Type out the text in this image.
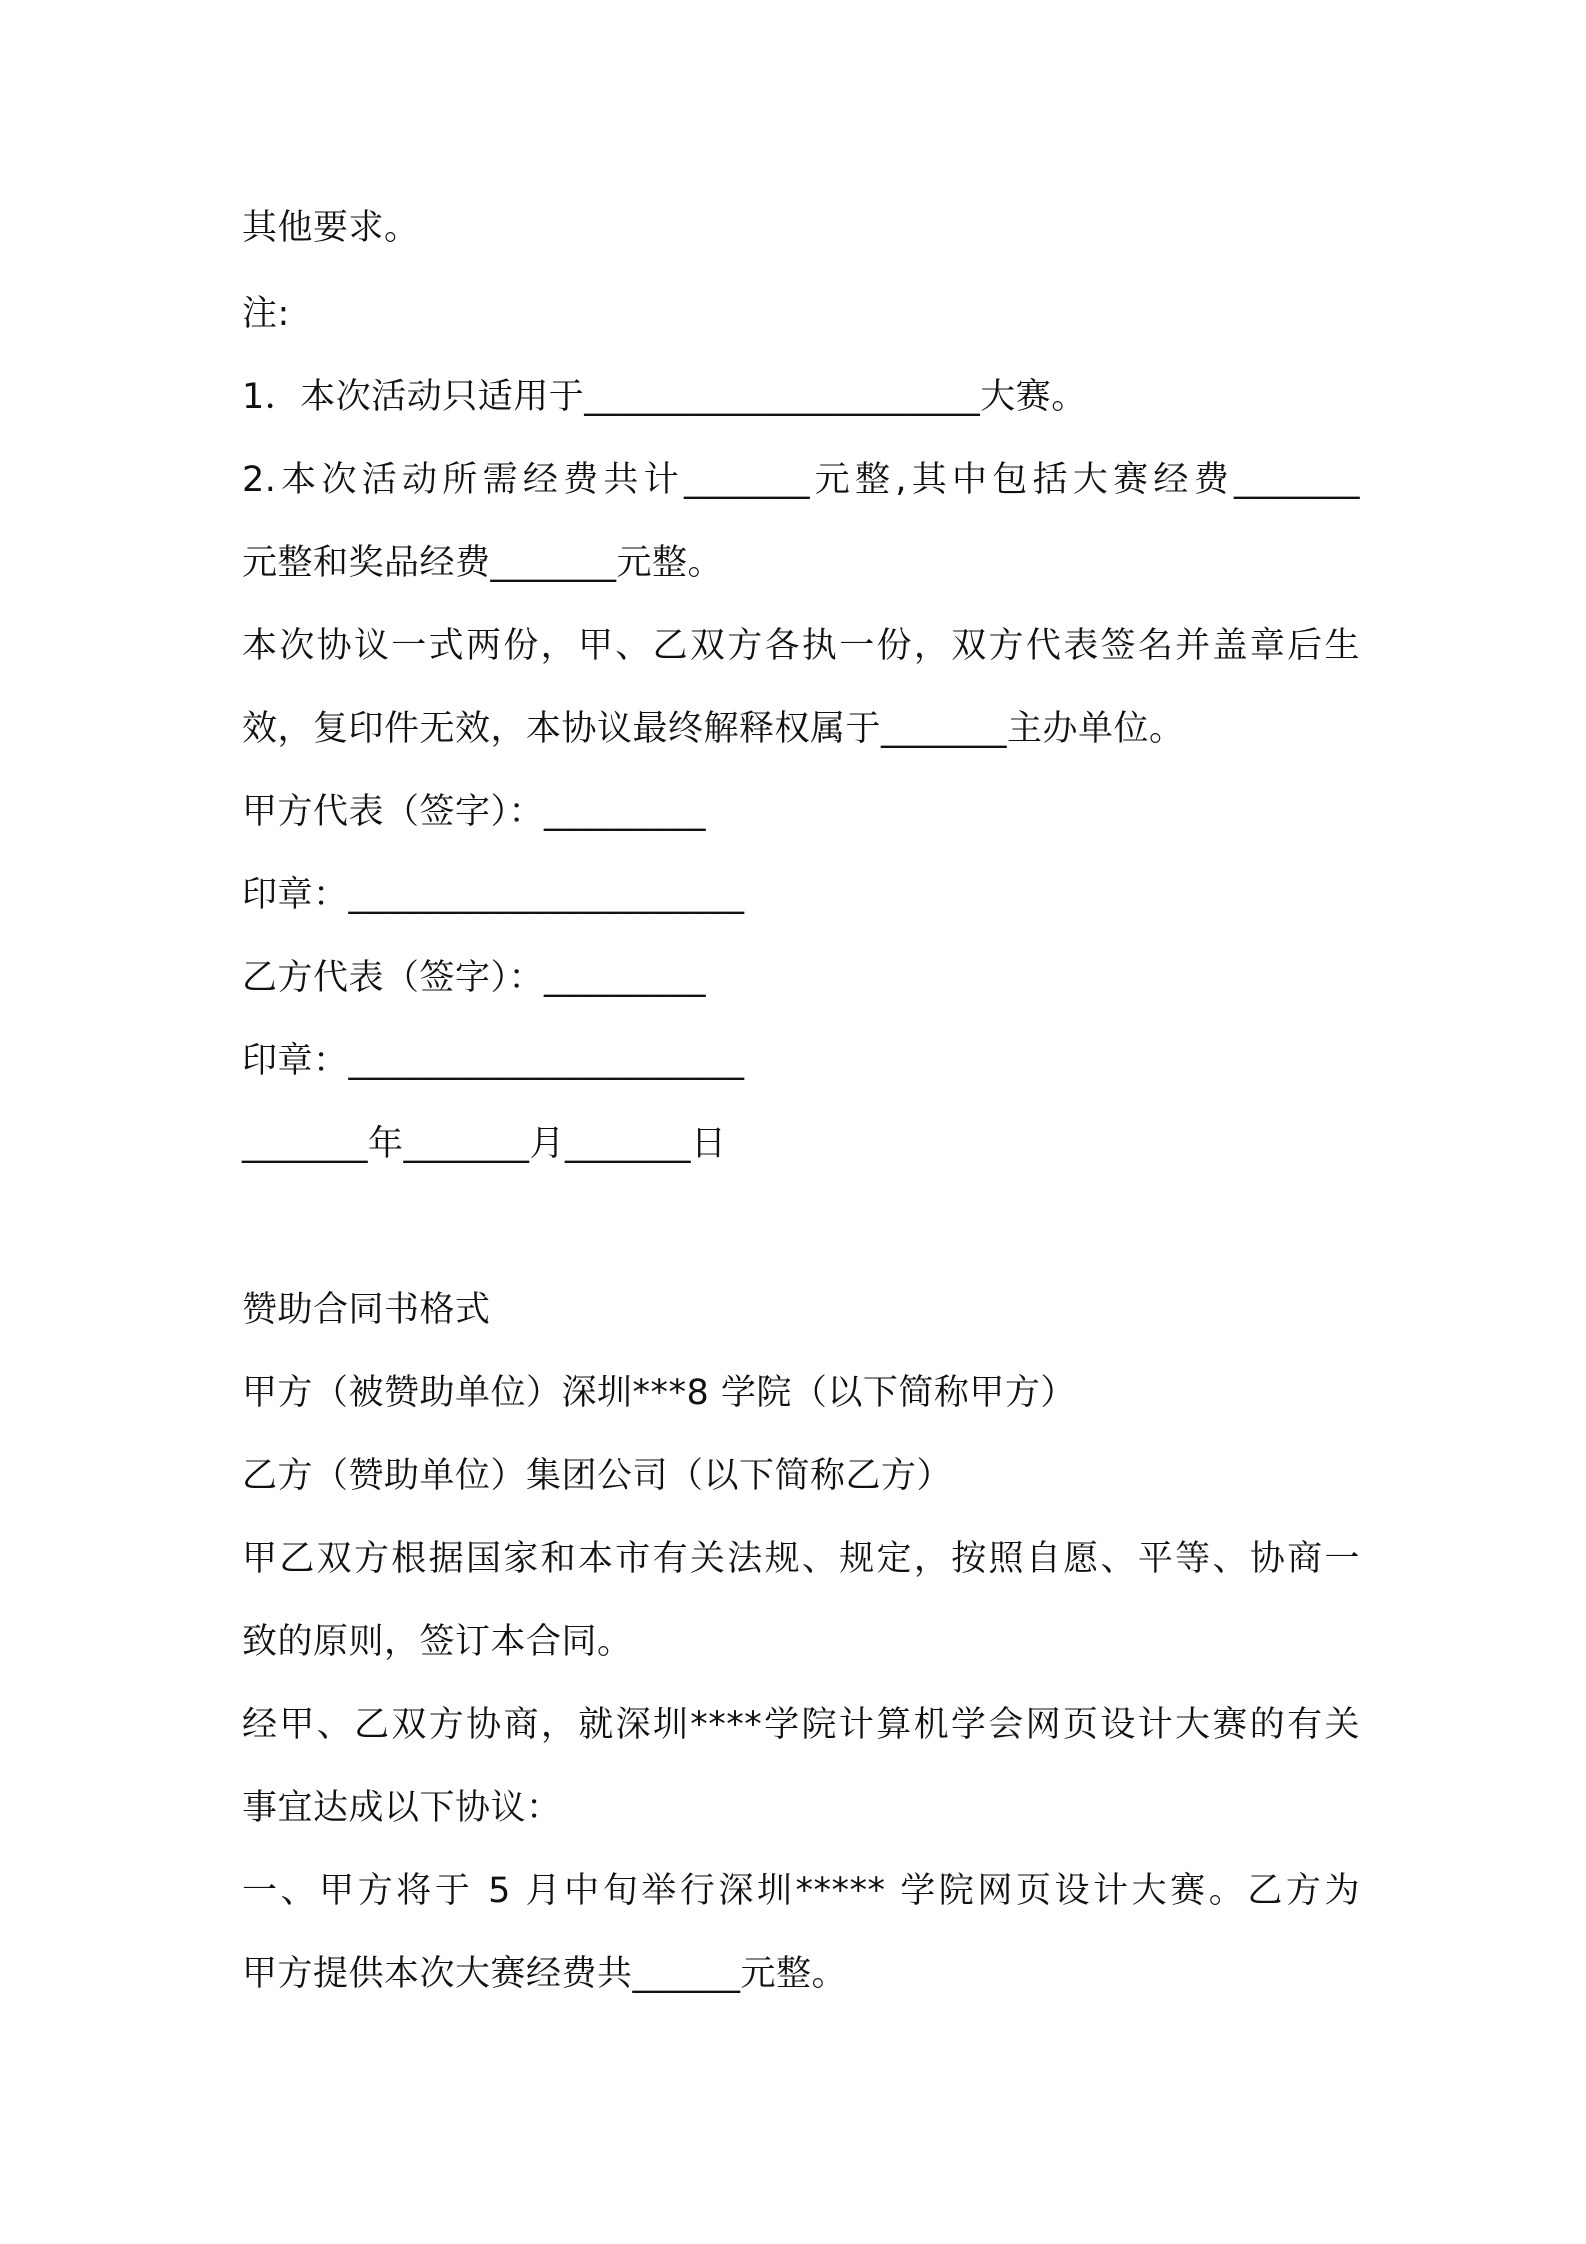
其他要求。
注:
1．本次活动只适用于______________________大赛。
2.本次活动所需经费共计_______元整,其中包括大赛经费_______
元整和奖品经费_______元整。
本次协议一式两份，甲、乙双方各执一份，双方代表签名并盖章后生
效，复印件无效，本协议最终解释权属于_______主办单位。
甲方代表（签字）：_________
印章：______________________
乙方代表（签字）：_________
印章：______________________
_______年_______月_______日
赞助合同书格式
甲方（被赞助单位）深圳***8 学院（以下简称甲方）
乙方（赞助单位）集团公司（以下简称乙方）
甲乙双方根据国家和本市有关法规、规定，按照自愿、平等、协商一
致的原则，签订本合同。
经甲、乙双方协商，就深圳****学院计算机学会网页设计大赛的有关
事宜达成以下协议：
一、甲方将于 5 月中旬举行深圳***** 学院网页设计大赛。乙方为
甲方提供本次大赛经费共______元整。
